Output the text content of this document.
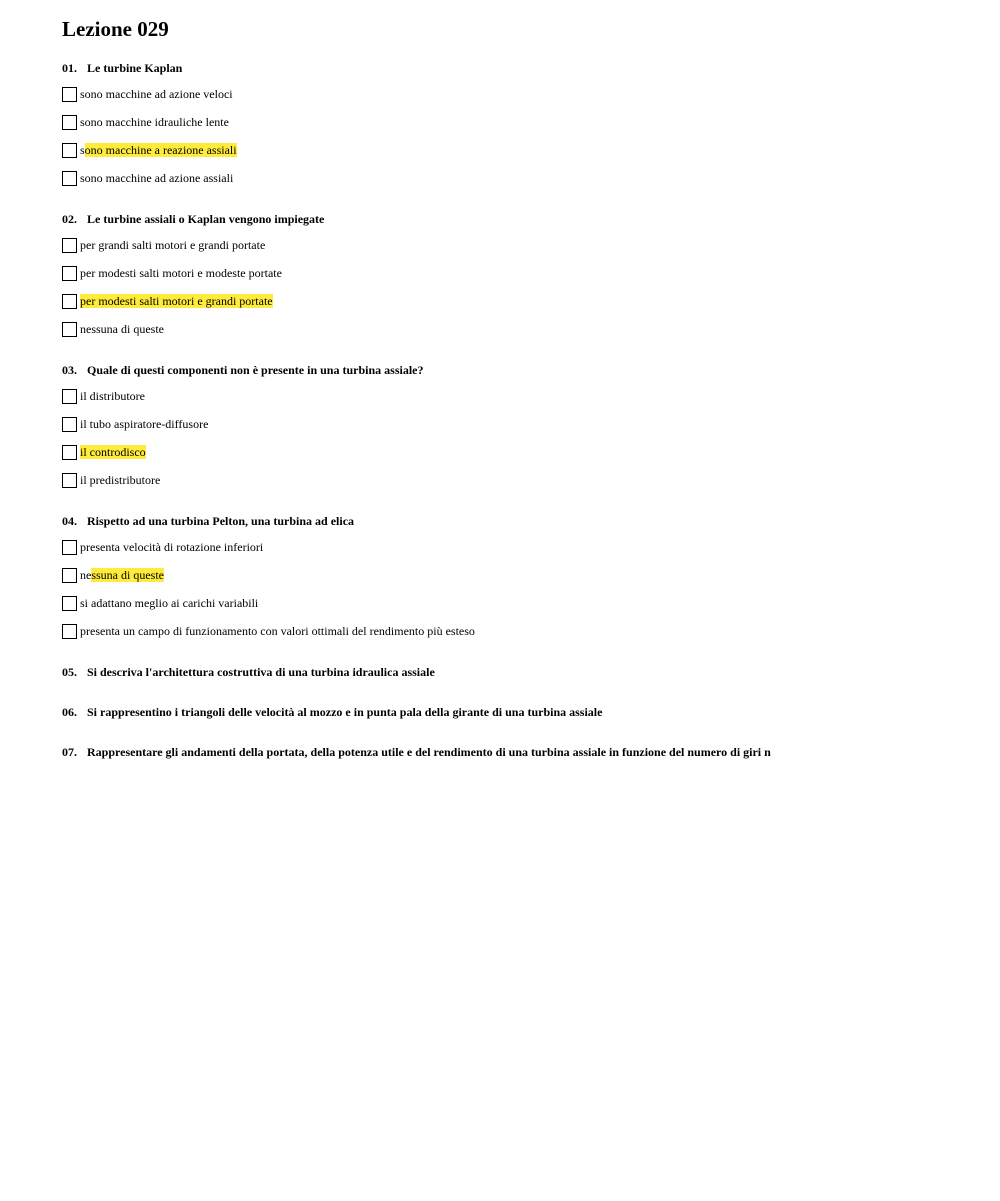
Lezione 029
01. Le turbine Kaplan
sono macchine ad azione veloci
sono macchine idrauliche lente
sono macchine a reazione assiali
sono macchine ad azione assiali
02. Le turbine assiali o Kaplan vengono impiegate
per grandi salti motori e grandi portate
per modesti salti motori e modeste portate
per modesti salti motori e grandi portate
nessuna di queste
03. Quale di questi componenti non è presente in una turbina assiale?
il distributore
il tubo aspiratore-diffusore
il controdisco
il predistributore
04. Rispetto ad una turbina Pelton, una turbina ad elica
presenta velocità di rotazione inferiori
nessuna di queste
si adattano meglio ai carichi variabili
presenta un campo di funzionamento con valori ottimali del rendimento più esteso
05. Si descriva l'architettura costruttiva di una turbina idraulica assiale
06. Si rappresentino i triangoli delle velocità al mozzo e in punta pala della girante di una turbina assiale
07. Rappresentare gli andamenti della portata, della potenza utile e del rendimento di una turbina assiale in funzione del numero di giri n
